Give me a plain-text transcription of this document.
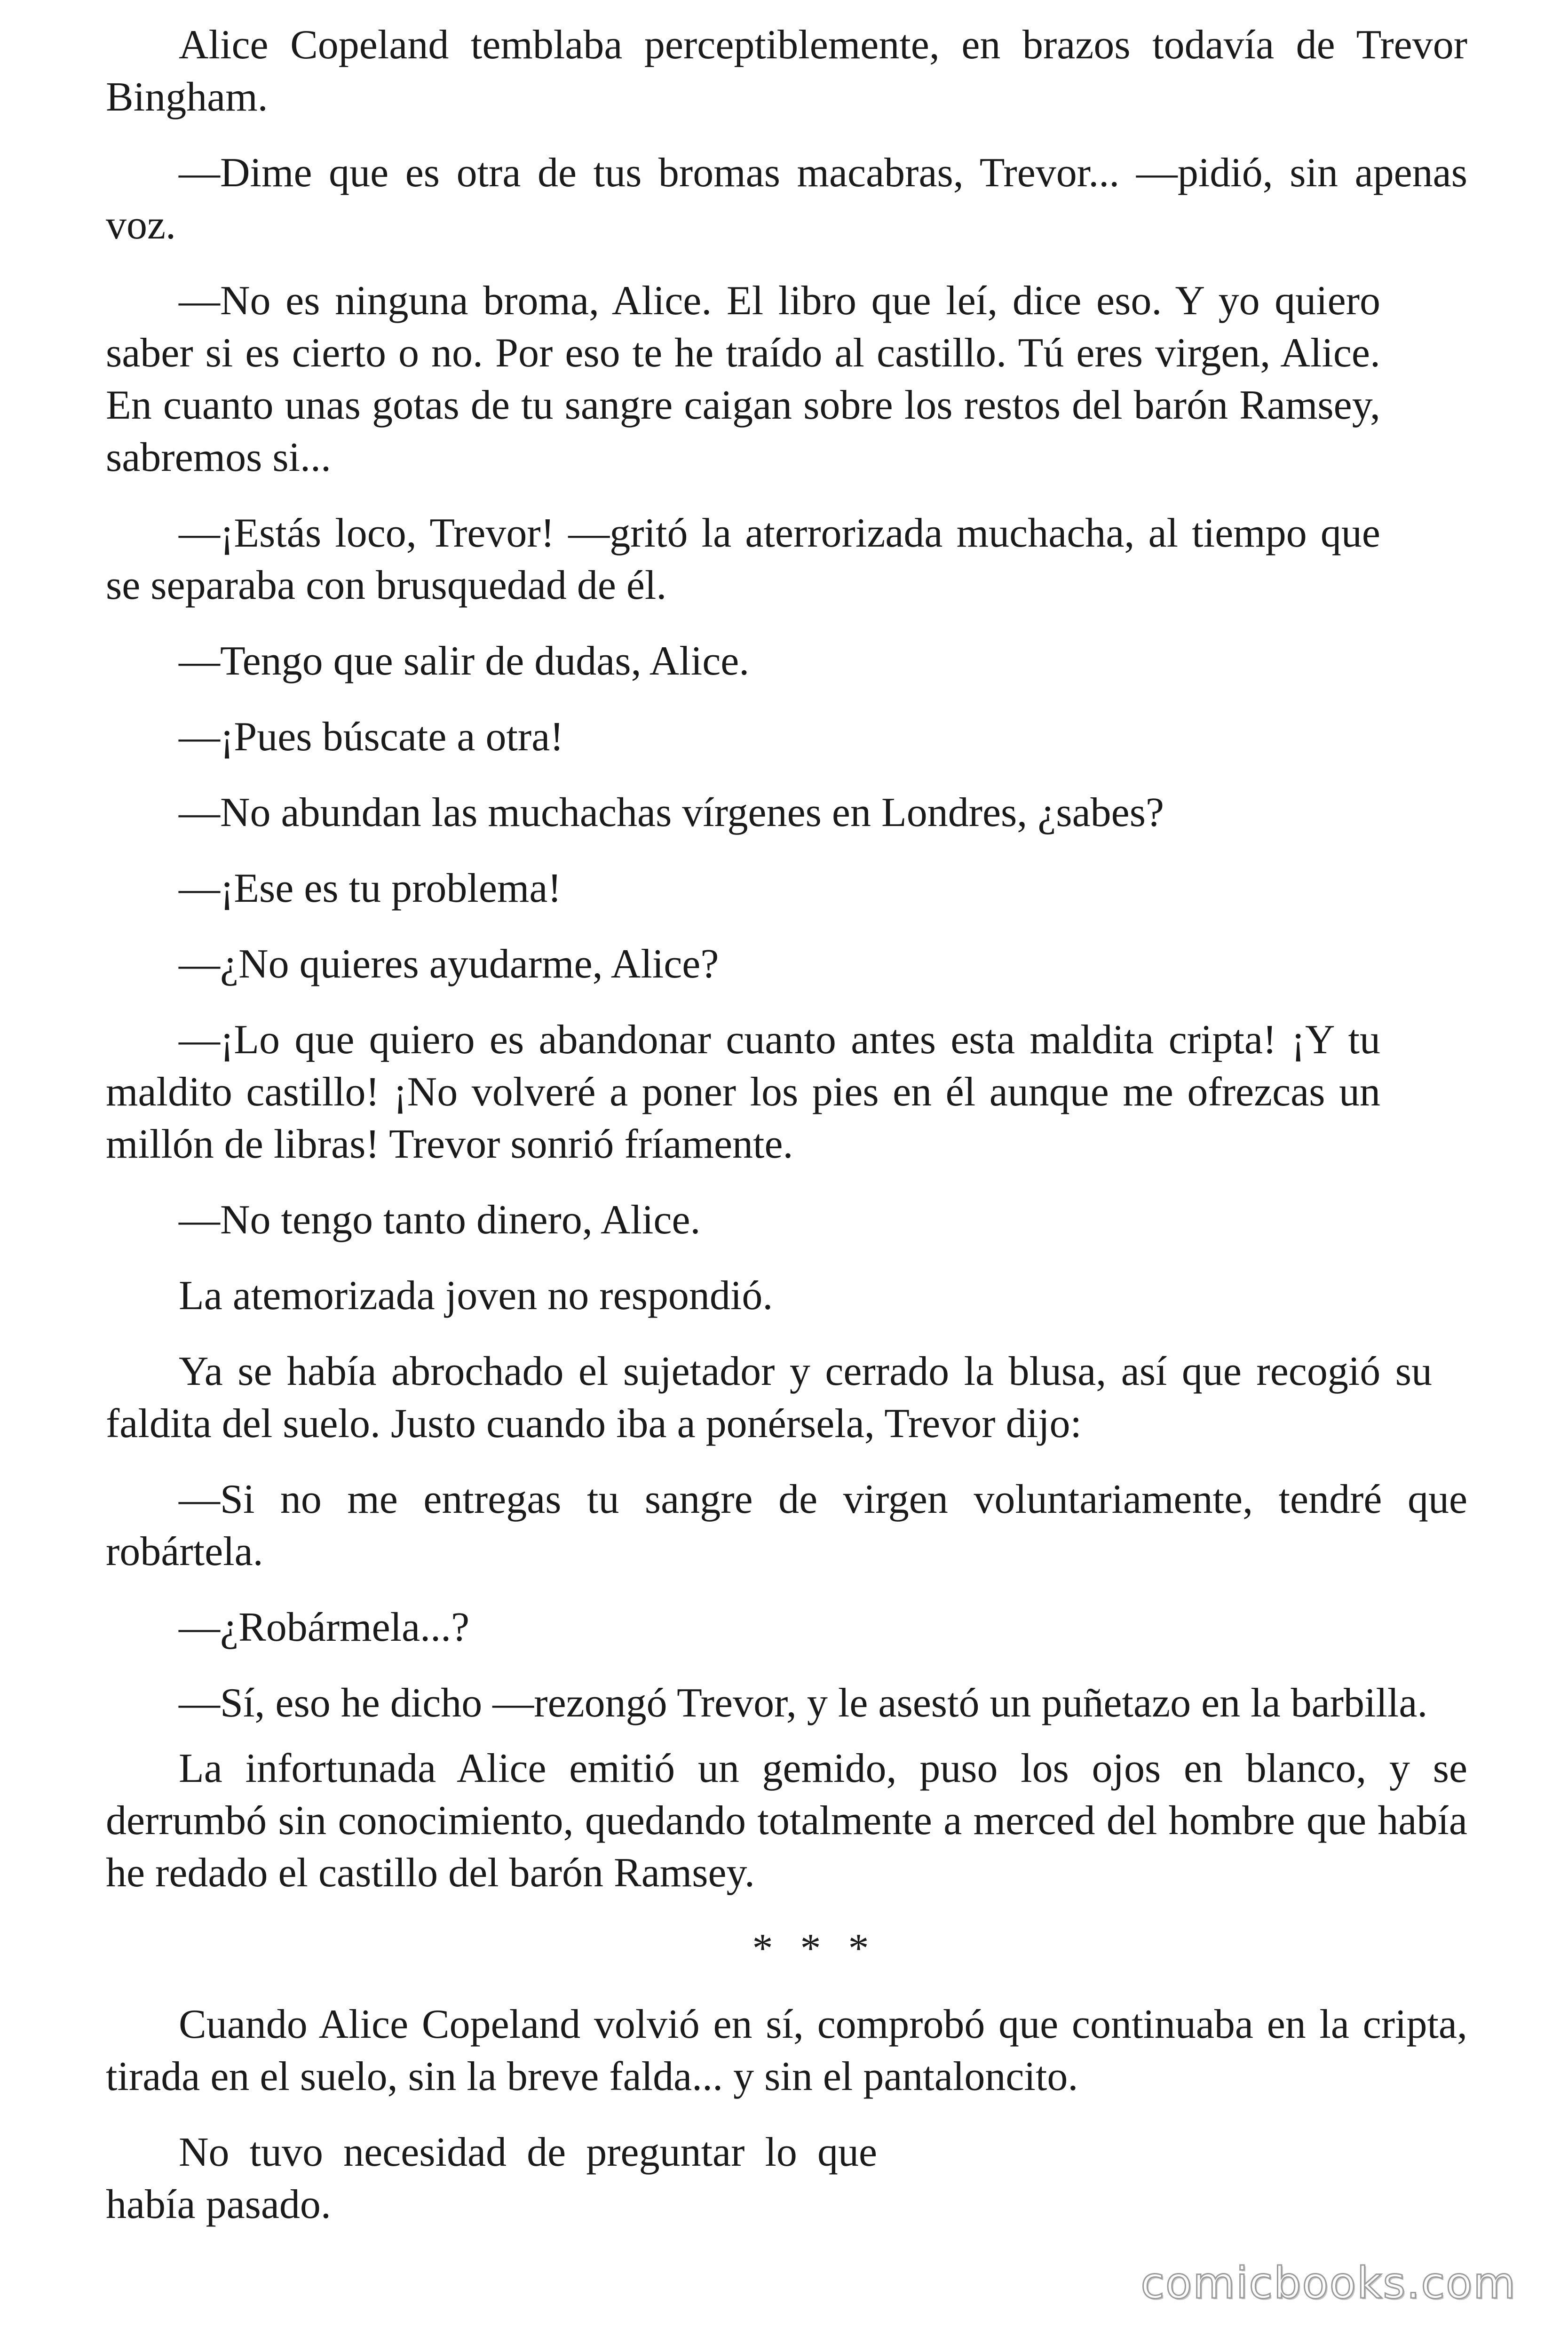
Alice Copeland temblaba perceptiblemente, en brazos todavía de Trevor Bingham.

—Dime que es otra de tus bromas macabras, Trevor... —pidió, sin apenas voz.

—No es ninguna broma, Alice. El libro que leí, dice eso. Y yo quiero saber si es cierto o no. Por eso te he traído al castillo. Tú eres virgen, Alice. En cuanto unas gotas de tu sangre caigan sobre los restos del barón Ramsey, sabremos si...

—¡Estás loco, Trevor! —gritó la aterrorizada muchacha, al tiempo que se separaba con brusquedad de él.

—Tengo que salir de dudas, Alice.

—¡Pues búscate a otra!

—No abundan las muchachas vírgenes en Londres, ¿sabes?

—¡Ese es tu problema!

—¿No quieres ayudarme, Alice?

—¡Lo que quiero es abandonar cuanto antes esta maldita cripta! ¡Y tu maldito castillo! ¡No volveré a poner los pies en él aunque me ofrezcas un millón de libras! Trevor sonrió fríamente.

—No tengo tanto dinero, Alice.

La atemorizada joven no respondió.

Ya se había abrochado el sujetador y cerrado la blusa, así que recogió su faldita del suelo. Justo cuando iba a ponérsela, Trevor dijo:

—Si no me entregas tu sangre de virgen voluntariamente, tendré que robártela.

—¿Robármela...?

—Sí, eso he dicho —rezongó Trevor, y le asestó un puñetazo en la barbilla.

La infortunada Alice emitió un gemido, puso los ojos en blanco, y se derrumbó sin conocimiento, quedando totalmente a merced del hombre que había he redado el castillo del barón Ramsey.

* * *

Cuando Alice Copeland volvió en sí, comprobó que continuaba en la cripta, tirada en el suelo, sin la breve falda... y sin el pantaloncito.

No tuvo necesidad de preguntar lo que había pasado.

comicbooks.com
